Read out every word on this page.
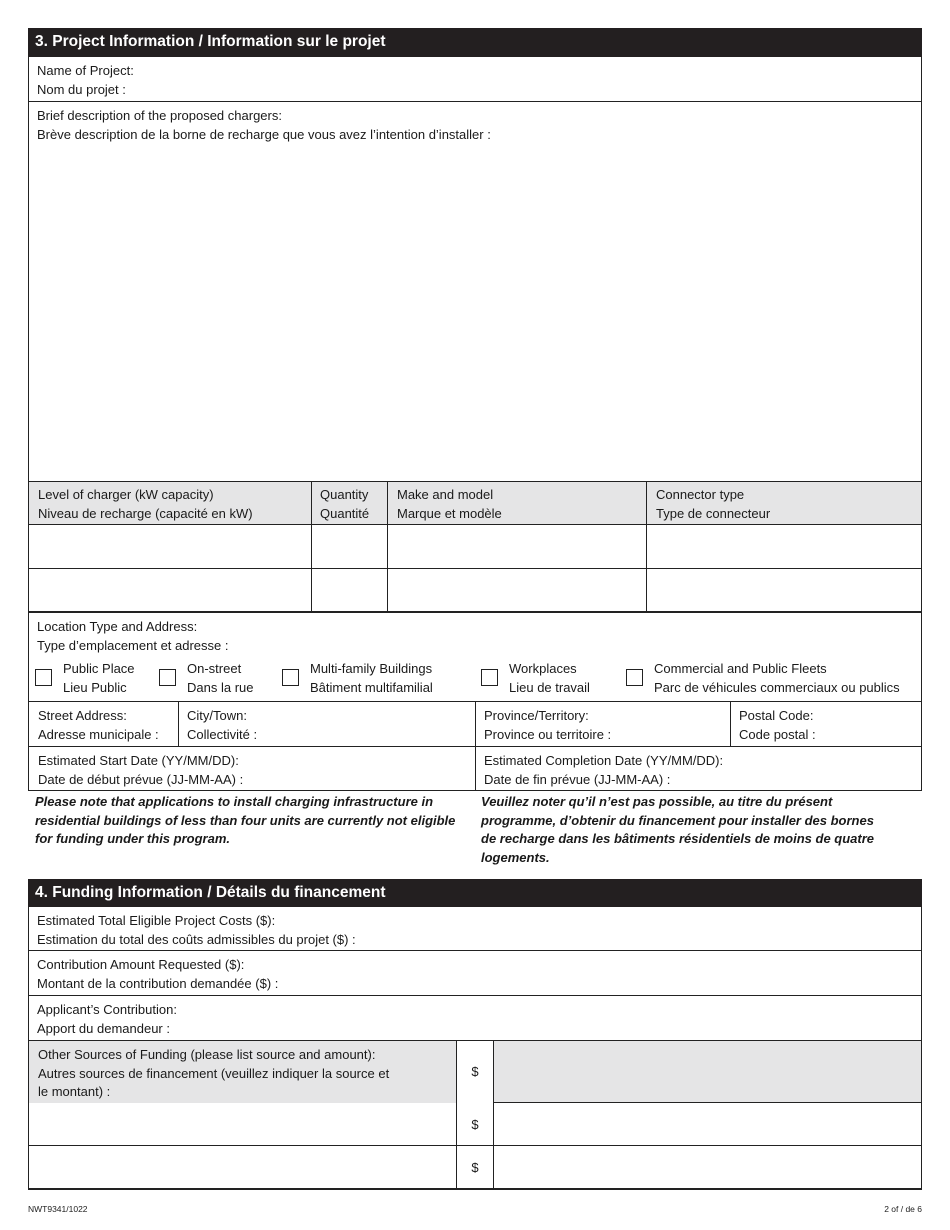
3. Project Information / Information sur le projet
Name of Project:
Nom du projet :
Brief description of the proposed chargers:
Brève description de la borne de recharge que vous avez l’intention d’installer :
Level of charger (kW capacity)
Niveau de recharge (capacité en kW)
Quantity
Quantité
Make and model
Marque et modèle
Connector type
Type de connecteur
Location Type and Address:
Type d’emplacement et adresse :
Public Place
Lieu Public
On-street
Dans la rue
Multi-family Buildings
Bâtiment multifamilial
Workplaces
Lieu de travail
Commercial and Public Fleets
Parc de véhicules commerciaux ou publics
Street Address:
Adresse municipale :
City/Town:
Collectivité :
Province/Territory:
Province ou territoire :
Postal Code:
Code postal :
Estimated Start Date (YY/MM/DD):
Date de début prévue (JJ-MM-AA) :
Estimated Completion Date (YY/MM/DD):
Date de fin prévue (JJ-MM-AA) :
Please note that applications to install charging infrastructure in
residential buildings of less than four units are currently not eligible
for funding under this program.
Veuillez noter qu’il n’est pas possible, au titre du présent
programme, d’obtenir du financement pour installer des bornes
de recharge dans les bâtiments résidentiels de moins de quatre
logements.
4. Funding Information / Détails du financement
Estimated Total Eligible Project Costs ($):
Estimation du total des coûts admissibles du projet ($) :
Contribution Amount Requested ($):
Montant de la contribution demandée ($) :
Applicant’s Contribution:
Apport du demandeur :
Other Sources of Funding (please list source and amount):
Autres sources de financement (veuillez indiquer la source et
le montant) :
$
$
$
NWT9341/1022	2 of / de 6
